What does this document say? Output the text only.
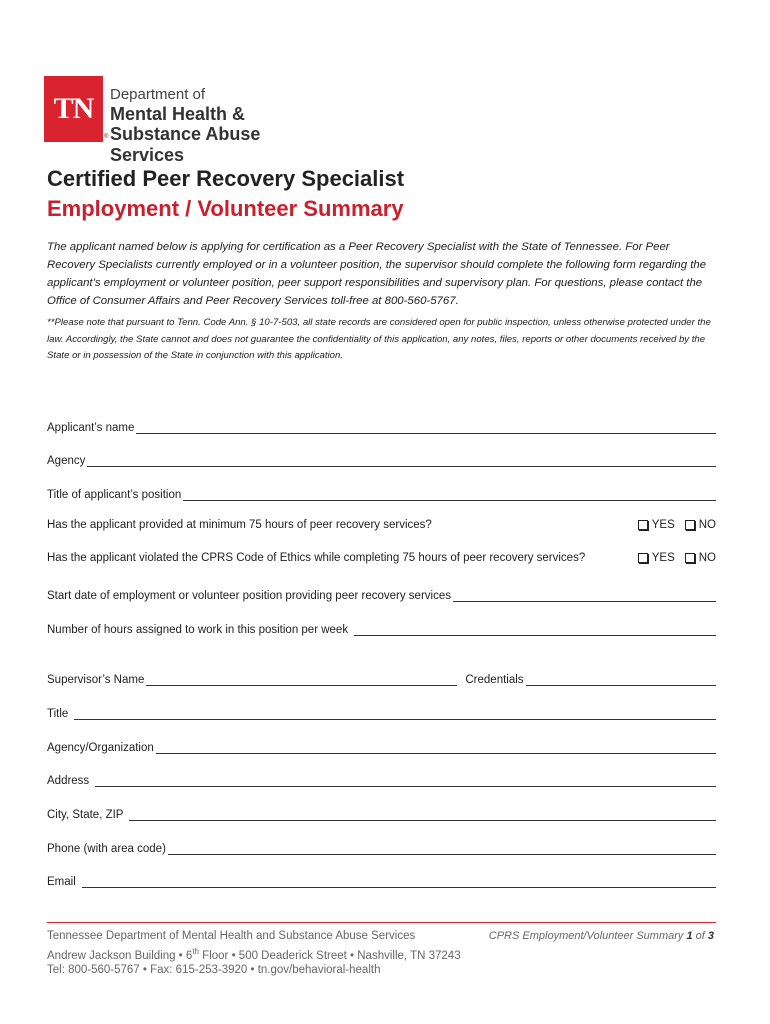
TN
®
Department of
Mental Health &
Substance Abuse Services
Certified Peer Recovery Specialist
Employment / Volunteer Summary
The applicant named below is applying for certification as a Peer Recovery Specialist with the State of Tennessee. For Peer Recovery Specialists currently employed or in a volunteer position, the supervisor should complete the following form regarding the applicant’s employment or volunteer position, peer support responsibilities and supervisory plan. For questions, please contact the Office of Consumer Affairs and Peer Recovery Services toll-free at 800-560-5767.
**Please note that pursuant to Tenn. Code Ann. § 10-7-503, all state records are considered open for public inspection, unless otherwise protected under the law. Accordingly, the State cannot and does not guarantee the confidentiality of this application, any notes, files, reports or other documents received by the State or in possession of the State in conjunction with this application.
Applicant’s name
Agency
Title of applicant’s position
Has the applicant provided at minimum 75 hours of peer recovery services?	YES NO
Has the applicant violated the CPRS Code of Ethics while completing 75 hours of peer recovery services?	YES NO
Start date of employment or volunteer position providing peer recovery services
Number of hours assigned to work in this position per week
Supervisor’s Name	Credentials
Title
Agency/Organization
Address
City, State, ZIP
Phone (with area code)
Email
Tennessee Department of Mental Health and Substance Abuse Services
Andrew Jackson Building • 6th Floor • 500 Deaderick Street • Nashville, TN 37243
Tel: 800-560-5767 • Fax: 615-253-3920 • tn.gov/behavioral-health
CPRS Employment/Volunteer Summary 1 of 3
